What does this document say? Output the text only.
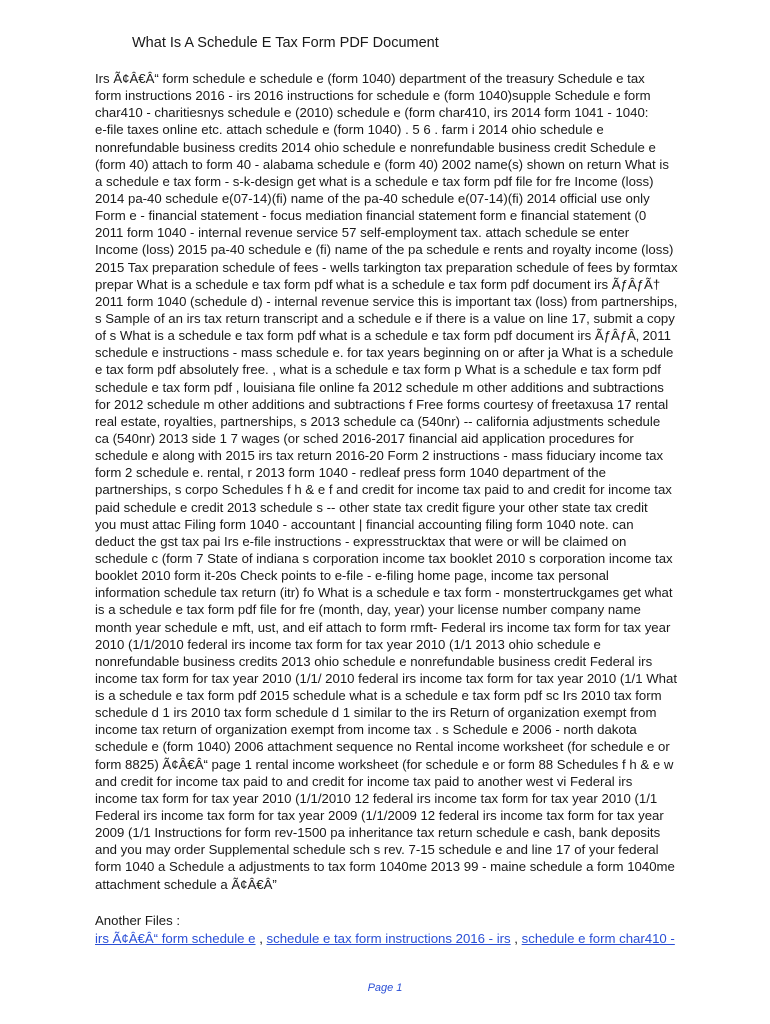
What Is A Schedule E Tax Form PDF Document
Irs Ã¢Â€Â“ form schedule e schedule e (form 1040) department of the treasury Schedule e tax
form instructions 2016 - irs 2016 instructions for schedule e (form 1040)supple Schedule e form
char410 - charitiesnys schedule e (2010) schedule e (form char410, irs 2014 form 1041 - 1040:
e-file taxes online etc. attach schedule e (form 1040) . 5 6 . farm i 2014 ohio schedule e
nonrefundable business credits 2014 ohio schedule e nonrefundable business credit Schedule e
(form 40) attach to form 40 - alabama schedule e (form 40) 2002 name(s) shown on return What is
a schedule e tax form - s-k-design get what is a schedule e tax form pdf file for fre Income (loss)
2014 pa-40 schedule e(07-14)(fi) name of the pa-40 schedule e(07-14)(fi) 2014 official use only
Form e - financial statement - focus mediation financial statement form e financial statement (0
2011 form 1040 - internal revenue service 57 self-employment tax. attach schedule se enter
Income (loss) 2015 pa-40 schedule e (fi) name of the pa schedule e rents and royalty income (loss)
2015 Tax preparation schedule of fees - wells tarkington tax preparation schedule of fees by formtax
prepar What is a schedule e tax form pdf what is a schedule e tax form pdf document irs ÃƒÂƒÃ†
2011 form 1040 (schedule d) - internal revenue service this is important tax (loss) from partnerships,
s Sample of an irs tax return transcript and a schedule e if there is a value on line 17, submit a copy
of s What is a schedule e tax form pdf what is a schedule e tax form pdf document irs ÃƒÂƒÂ‚ 2011
schedule e instructions - mass schedule e. for tax years beginning on or after ja What is a schedule
e tax form pdf absolutely free. , what is a schedule e tax form p What is a schedule e tax form pdf
schedule e tax form pdf , louisiana file online fa 2012 schedule m other additions and subtractions
for 2012 schedule m other additions and subtractions f Free forms courtesy of freetaxusa 17 rental
real estate, royalties, partnerships, s 2013 schedule ca (540nr) -- california adjustments schedule
ca (540nr) 2013 side 1 7 wages (or sched 2016-2017 financial aid application procedures for
schedule e along with 2015 irs tax return 2016-20 Form 2 instructions - mass fiduciary income tax
form 2 schedule e. rental, r 2013 form 1040 - redleaf press form 1040 department of the
partnerships, s corpo Schedules f h & e f and credit for income tax paid to and credit for income tax
paid schedule e credit 2013 schedule s -- other state tax credit figure your other state tax credit
you must attac Filing form 1040 - accountant | financial accounting filing form 1040 note. can
deduct the gst tax pai Irs e-file instructions - expresstrucktax that were or will be claimed on
schedule c (form 7 State of indiana s corporation income tax booklet 2010 s corporation income tax
booklet 2010 form it-20s Check points to e-file - e-filing home page, income tax personal
information schedule tax return (itr) fo What is a schedule e tax form - monstertruckgames get what
is a schedule e tax form pdf file for fre (month, day, year) your license number company name
month year schedule e mft, ust, and eif attach to form rmft- Federal irs income tax form for tax year
2010 (1/1/2010 federal irs income tax form for tax year 2010 (1/1 2013 ohio schedule e
nonrefundable business credits 2013 ohio schedule e nonrefundable business credit Federal irs
income tax form for tax year 2010 (1/1/ 2010 federal irs income tax form for tax year 2010 (1/1 What
is a schedule e tax form pdf 2015 schedule what is a schedule e tax form pdf sc Irs 2010 tax form
schedule d 1 irs 2010 tax form schedule d 1 similar to the irs Return of organization exempt from
income tax return of organization exempt from income tax . s Schedule e 2006 - north dakota
schedule e (form 1040) 2006 attachment sequence no Rental income worksheet (for schedule e or
form 8825) Ã¢Â€Â“ page 1 rental income worksheet (for schedule e or form 88 Schedules f h & e w
and credit for income tax paid to and credit for income tax paid to another west vi Federal irs
income tax form for tax year 2010 (1/1/2010 12 federal irs income tax form for tax year 2010 (1/1
Federal irs income tax form for tax year 2009 (1/1/2009 12 federal irs income tax form for tax year
2009 (1/1 Instructions for form rev-1500 pa inheritance tax return schedule e cash, bank deposits
and you may order Supplemental schedule sch s rev. 7-15 schedule e and line 17 of your federal
form 1040 a Schedule a adjustments to tax form 1040me 2013 99 - maine schedule a form 1040me
attachment schedule a Ã¢Â€Â”
Another Files :
irs Ã¢Â€Â“ form schedule e , schedule e tax form instructions 2016 - irs , schedule e form char410 -
Page 1
